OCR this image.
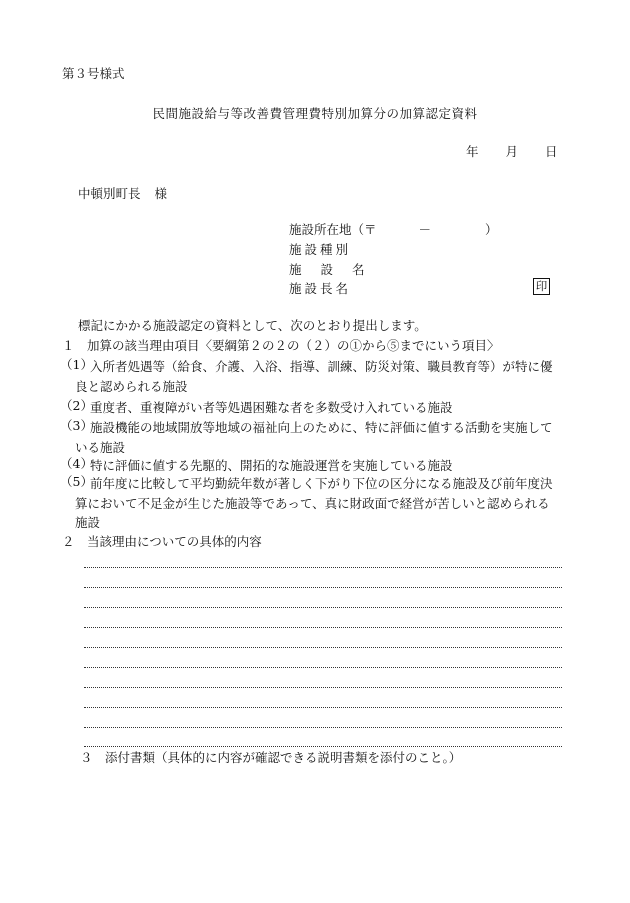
第３号様式
民間施設給与等改善費管理費特別加算分の加算認定資料
年 月 日
中頓別町長 様
施設所在地（〒	－	）
施設種別
施 設 名
施設長名	印
標記にかかる施設認定の資料として、次のとおり提出します。
１　加算の該当理由項目〈要綱第２の２の（２）の①から⑤までにいう項目〉
（1）

入所者処遇等（給食、介護、入浴、指導、訓練、防災対策、職員教育等）が特に優

良と認められる施設

（2）

重度者、重複障がい者等処遇困難な者を多数受け入れている施設

（3）

施設機能の地域開放等地域の福祉向上のために、特に評価に値する活動を実施して

いる施設

（4）

特に評価に値する先駆的、開拓的な施設運営を実施している施設

（5）

前年度に比較して平均勤続年数が著しく下がり下位の区分になる施設及び前年度決

算において不足金が生じた施設等であって、真に財政面で経営が苦しいと認められる

施設

２　当該理由についての具体的内容
３　添付書類（具体的に内容が確認できる説明書類を添付のこと。）
